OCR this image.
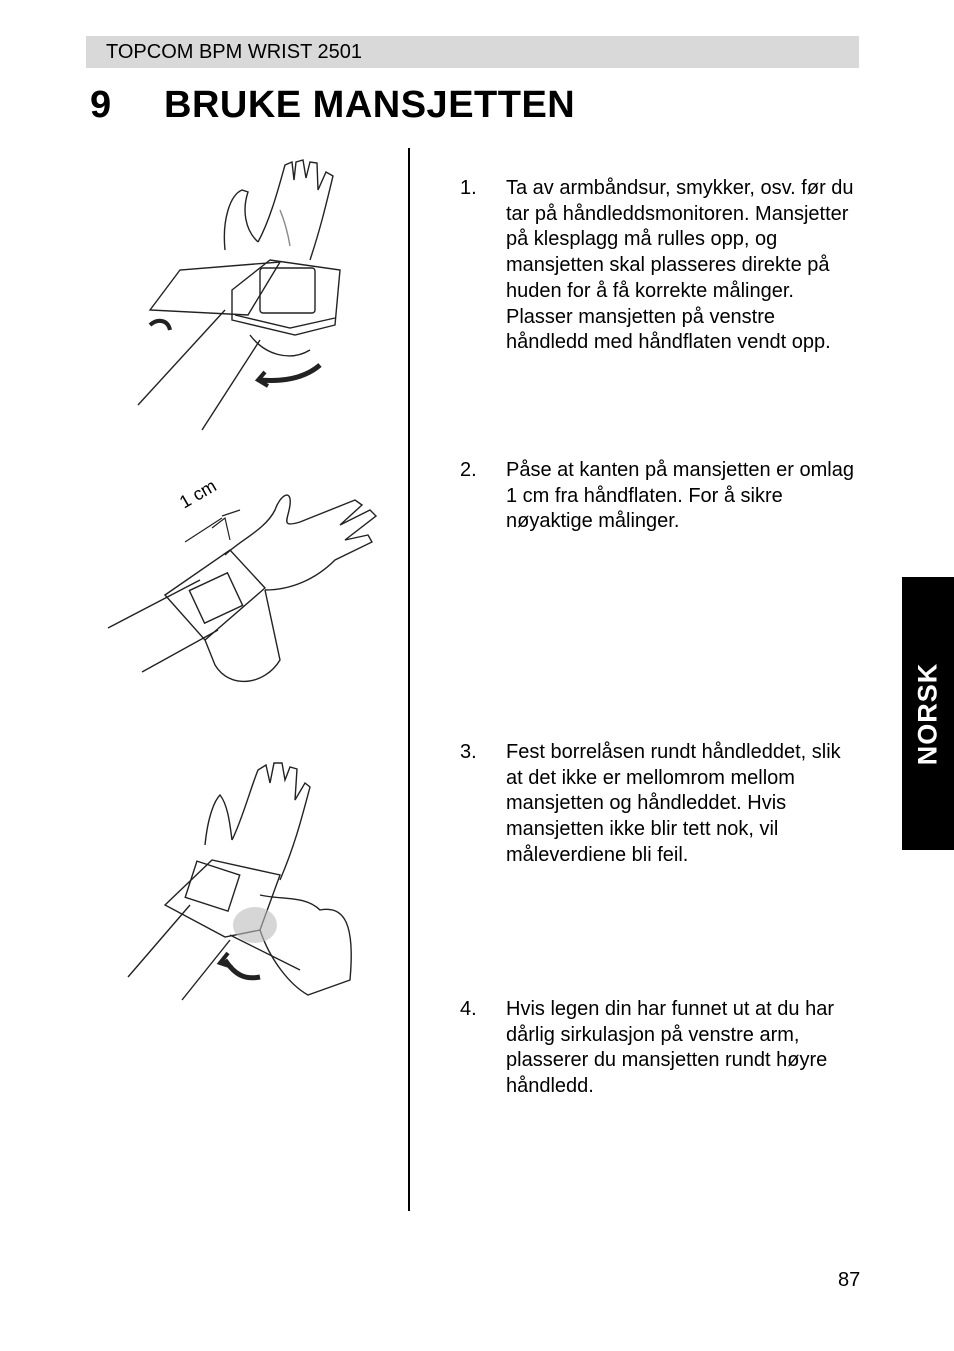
TOPCOM BPM WRIST 2501
9 BRUKE MANSJETTEN
1 cm
1. Ta av armbåndsur, smykker, osv. før du tar på håndleddsmonitoren. Mansjetter på klesplagg må rulles opp, og mansjetten skal plasseres direkte på huden for å få korrekte målinger. Plasser mansjetten på venstre håndledd med håndflaten vendt opp.
2. Påse at kanten på mansjetten er omlag 1 cm fra håndflaten. For å sikre nøyaktige målinger.
3. Fest borrelåsen rundt håndleddet, slik at det ikke er mellomrom mellom mansjetten og håndleddet. Hvis mansjetten ikke blir tett nok, vil måleverdiene bli feil.
4. Hvis legen din har funnet ut at du har dårlig sirkulasjon på venstre arm, plasserer du mansjetten rundt høyre håndledd.
NORSK
87
